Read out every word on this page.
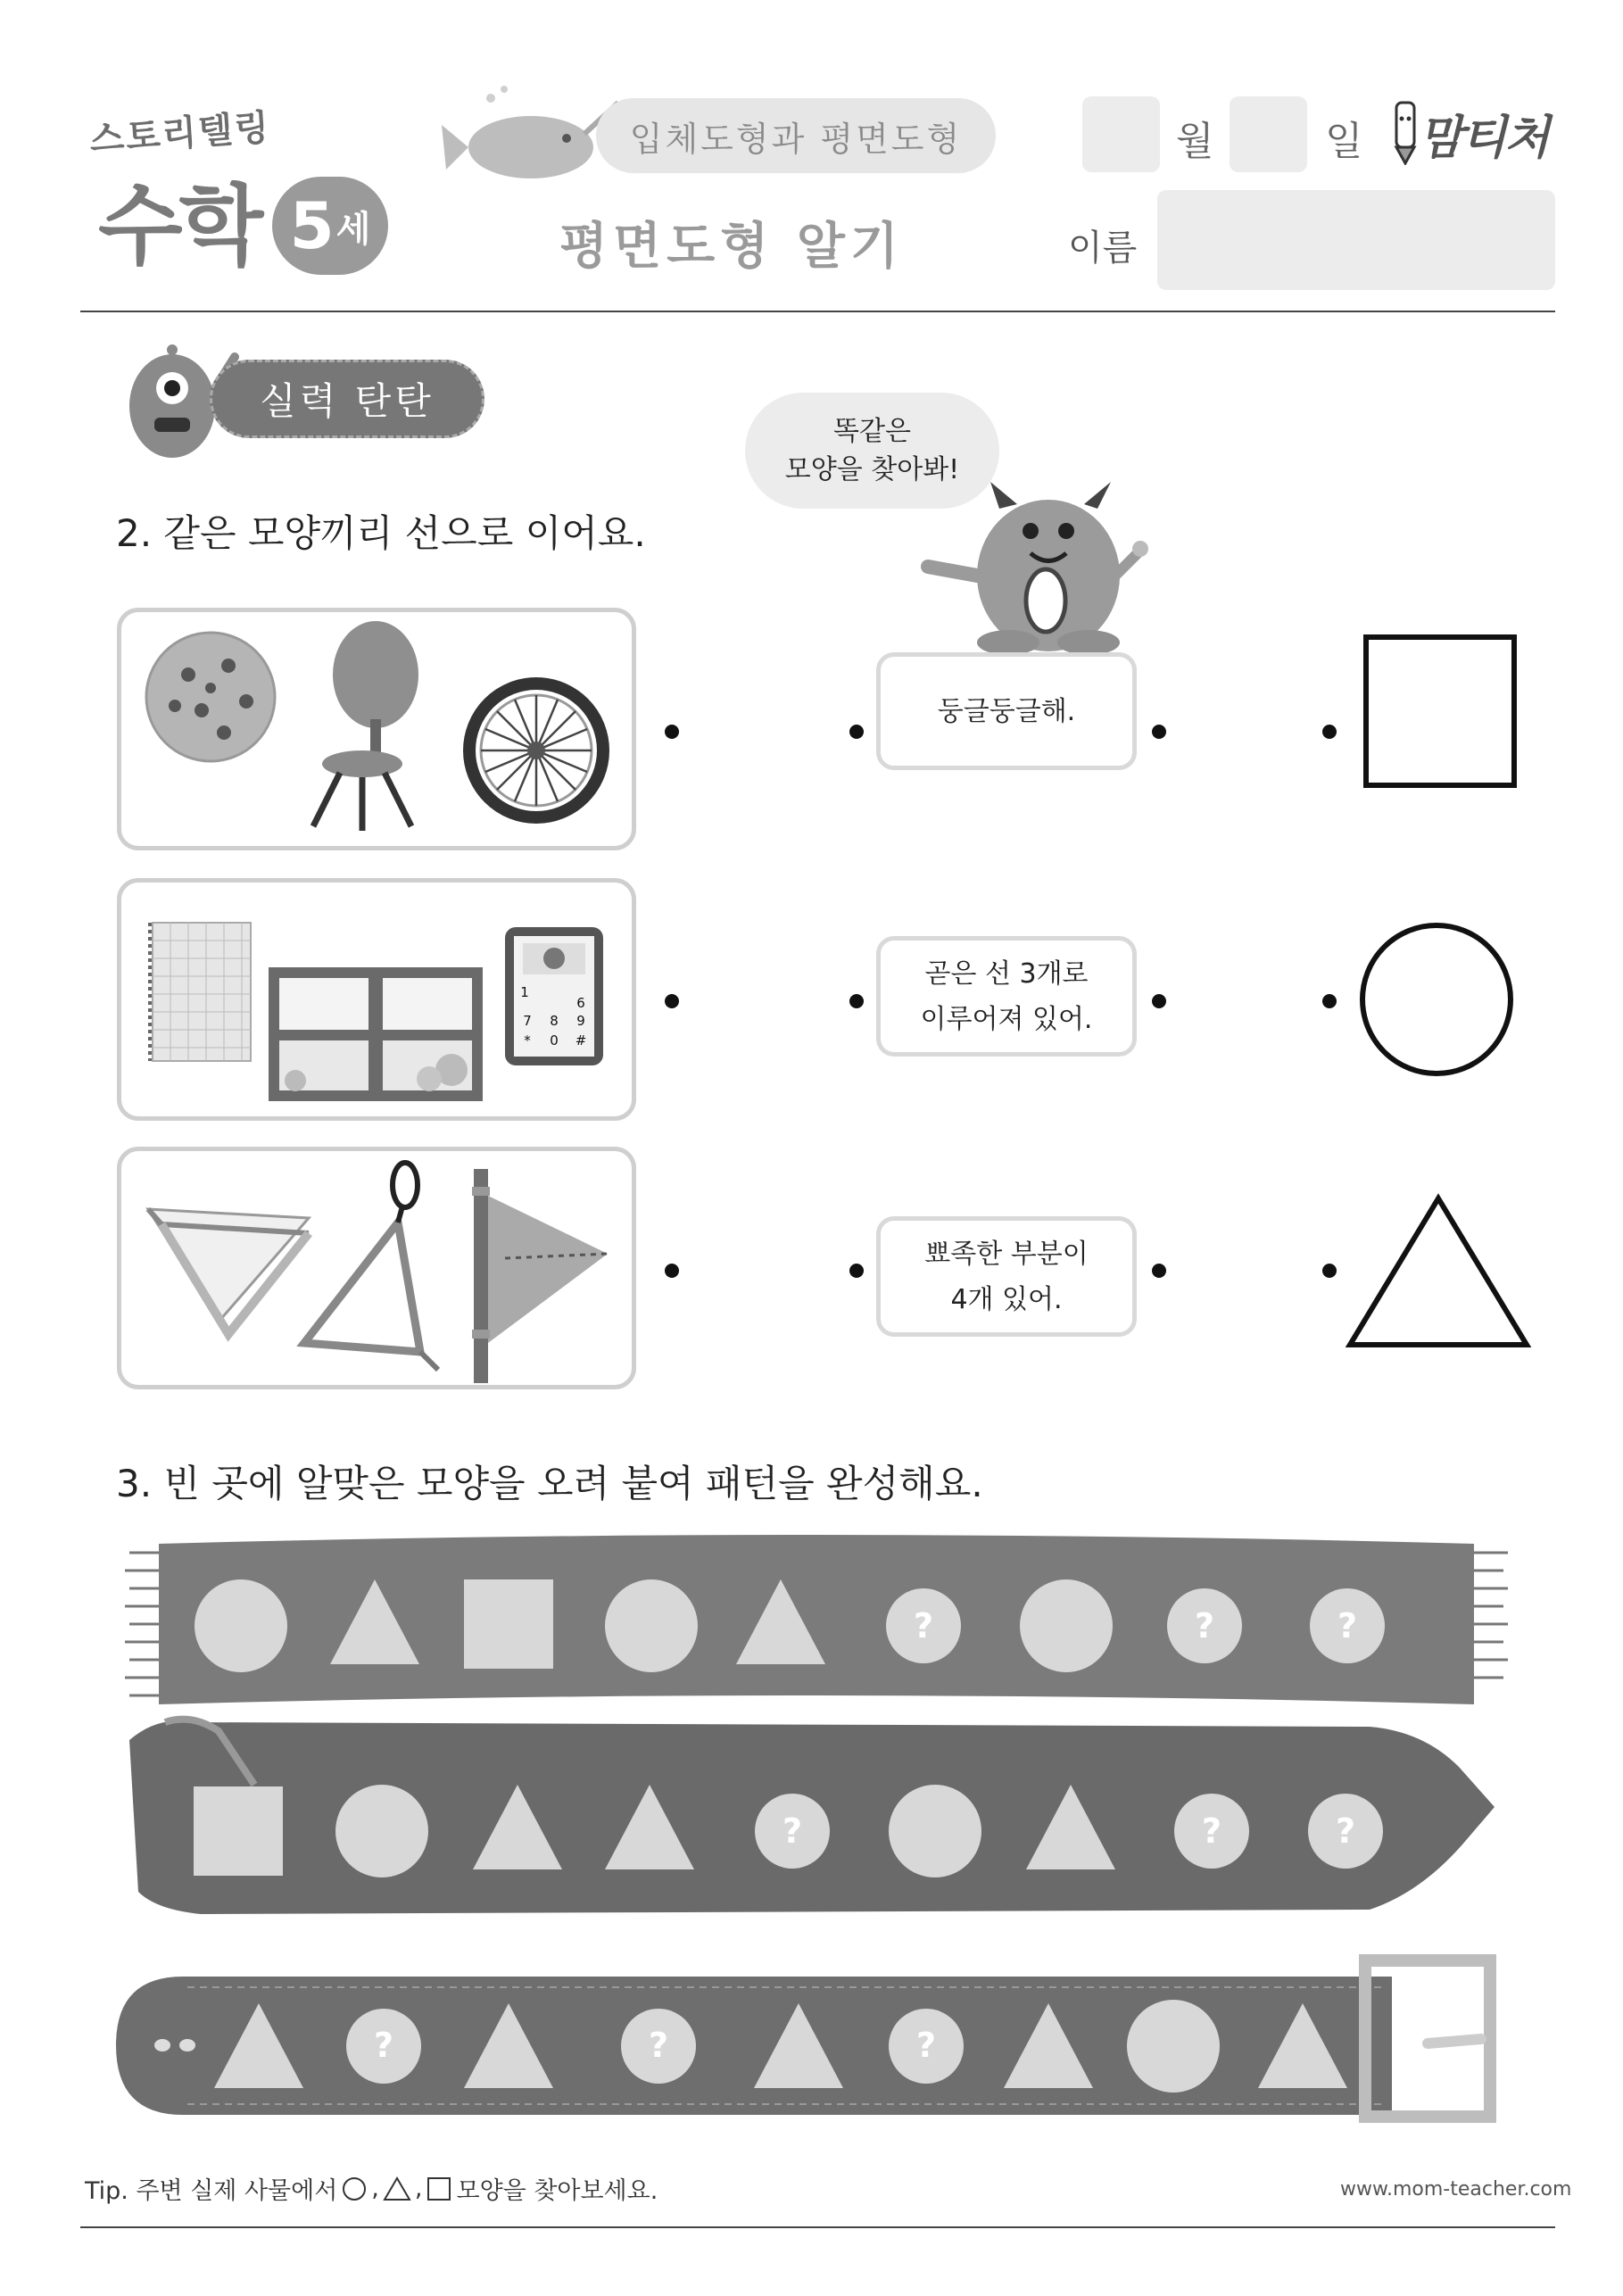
스토리텔링
수학 5 세
입체도형과 평면도형
평면도형 알기
월	일 맘티처
이름
실력 탄탄
2. 같은 모양끼리 선으로 이어요.
똑같은
모양을 찾아봐!
1
6
7 8 9
* 0 #
둥글둥글해.
곧은 선 3개로
이루어져 있어.
뾰족한 부분이
4개 있어.
3. 빈 곳에 알맞은 모양을 오려 붙여 패턴을 완성해요.
?	?	?
?	?	?
?	?	?
Tip. 주변 실제 사물에서 , , 모양을 찾아보세요.	www.mom-teacher.com
